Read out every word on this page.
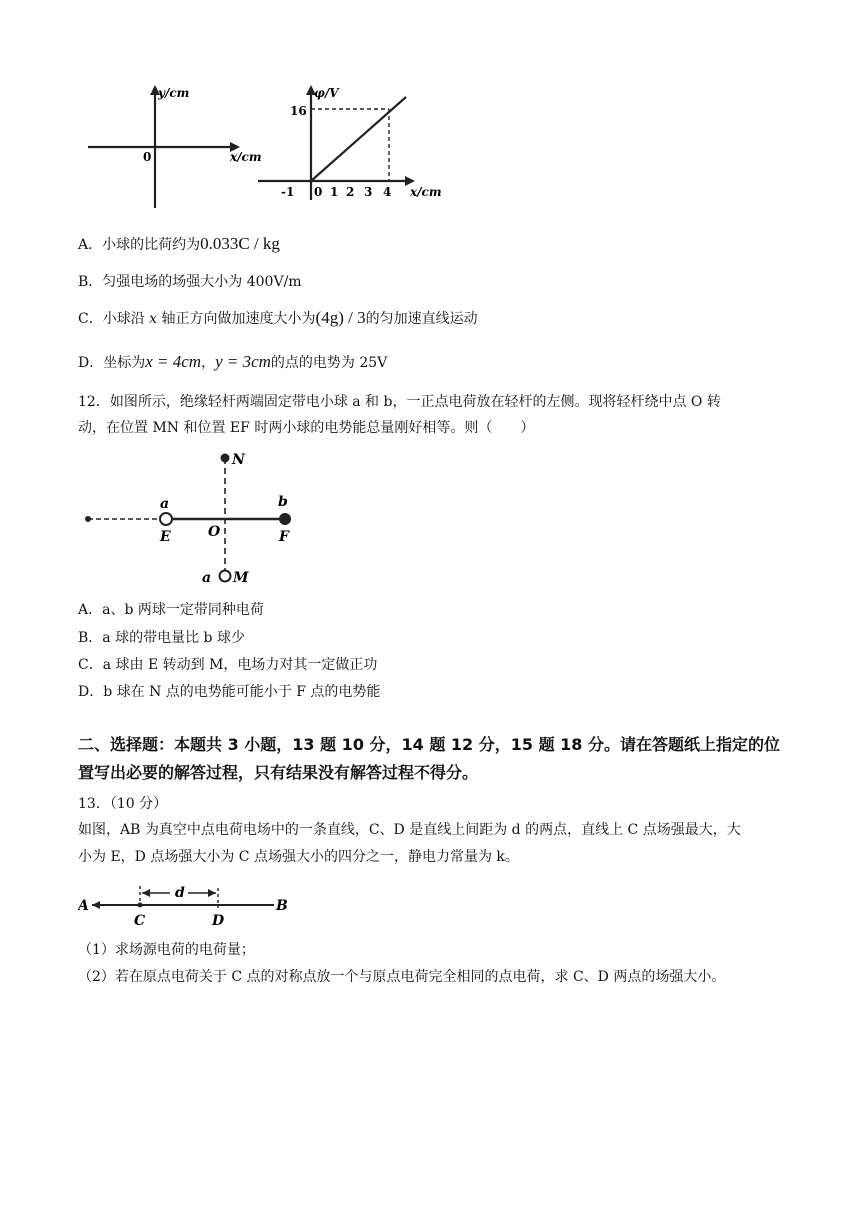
y/cm
x/cm
0
φ/V
16
-1 0 1 2 3 4 x/cm
A．小球的比荷约为0.033C / kg
B．匀强电场的场强大小为 400V/m
C．小球沿 x 轴正方向做加速度大小为(4g) / 3的匀加速直线运动
D．坐标为x = 4cm，y = 3cm的点的电势为 25V
12．如图所示，绝缘轻杆两端固定带电小球 a 和 b，一正点电荷放在轻杆的左侧。现将轻杆绕中点 O 转
动，在位置 MN 和位置 EF 时两小球的电势能总量刚好相等。则（　　）
N
a	b
E	O	F
a M
A．a、b 两球一定带同种电荷
B．a 球的带电量比 b 球少
C．a 球由 E 转动到 M，电场力对其一定做正功
D．b 球在 N 点的电势能可能小于 F 点的电势能
二、选择题：本题共 3 小题，13 题 10 分，14 题 12 分，15 题 18 分。请在答题纸上指定的位
置写出必要的解答过程，只有结果没有解答过程不得分。
13．（10 分）
如图，AB 为真空中点电荷电场中的一条直线，C、D 是直线上间距为 d 的两点，直线上 C 点场强最大，大
小为 E，D 点场强大小为 C 点场强大小的四分之一，静电力常量为 k。
A
d
C	D
B
（1）求场源电荷的电荷量；
（2）若在原点电荷关于 C 点的对称点放一个与原点电荷完全相同的点电荷，求 C、D 两点的场强大小。
